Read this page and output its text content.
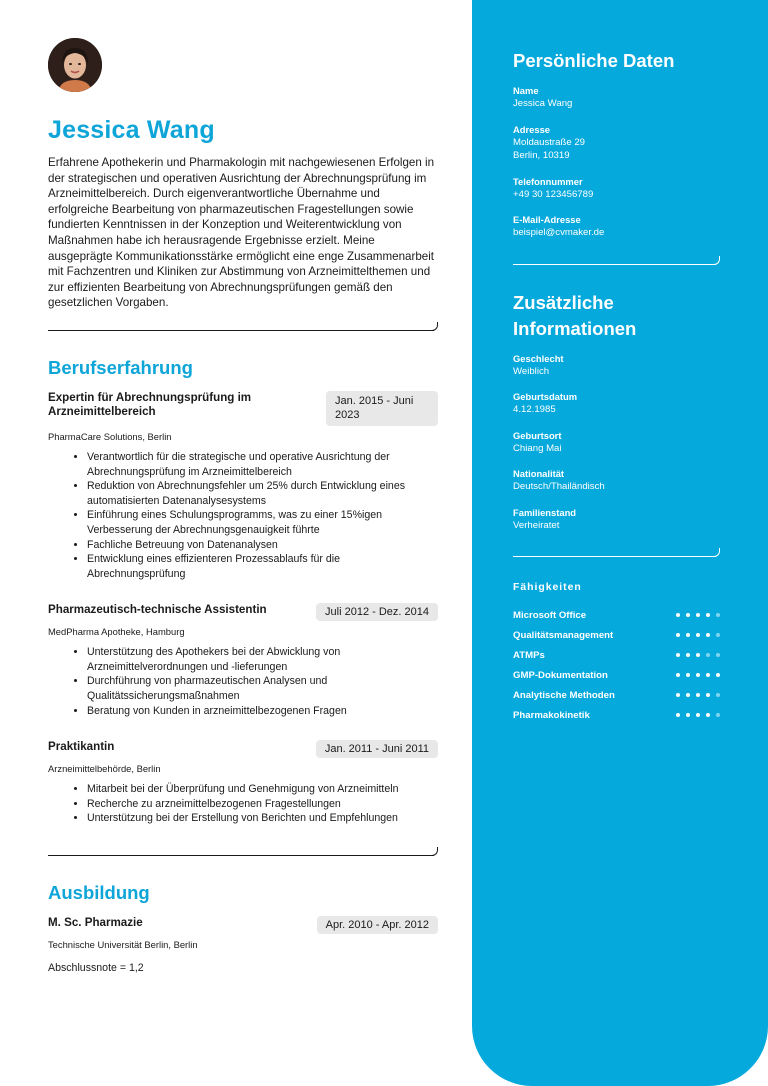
Jessica Wang

Erfahrene Apothekerin und Pharmakologin mit nachgewiesenen Erfolgen in der strategischen und operativen Ausrichtung der Abrechnungsprüfung im Arzneimittelbereich. Durch eigenverantwortliche Übernahme und erfolgreiche Bearbeitung von pharmazeutischen Fragestellungen sowie fundierten Kenntnissen in der Konzeption und Weiterentwicklung von Maßnahmen habe ich herausragende Ergebnisse erzielt. Meine ausgeprägte Kommunikationsstärke ermöglicht eine enge Zusammenarbeit mit Fachzentren und Kliniken zur Abstimmung von Arzneimittelthemen und zur effizienten Bearbeitung von Abrechnungsprüfungen gemäß den gesetzlichen Vorgaben.

Berufserfahrung
Expertin für Abrechnungsprüfung im Arzneimittelbereich
Jan. 2015 - Juni 2023
PharmaCare Solutions, Berlin
• Verantwortlich für die strategische und operative Ausrichtung der Abrechnungsprüfung im Arzneimittelbereich
• Reduktion von Abrechnungsfehler um 25% durch Entwicklung eines automatisierten Datenanalysesystems
• Einführung eines Schulungsprogramms, was zu einer 15%igen Verbesserung der Abrechnungsgenauigkeit führte
• Fachliche Betreuung von Datenanalysen
• Entwicklung eines effizienteren Prozessablaufs für die Abrechnungsprüfung
Pharmazeutisch-technische Assistentin	Juli 2012 - Dez. 2014
MedPharma Apotheke, Hamburg
• Unterstützung des Apothekers bei der Abwicklung von Arzneimittelverordnungen und -lieferungen
• Durchführung von pharmazeutischen Analysen und Qualitätssicherungsmaßnahmen
• Beratung von Kunden in arzneimittelbezogenen Fragen
Praktikantin	Jan. 2011 - Juni 2011
Arzneimittelbehörde, Berlin
• Mitarbeit bei der Überprüfung und Genehmigung von Arzneimitteln
• Recherche zu arzneimittelbezogenen Fragestellungen
• Unterstützung bei der Erstellung von Berichten und Empfehlungen
Ausbildung
M. Sc. Pharmazie	Apr. 2010 - Apr. 2012
Technische Universität Berlin, Berlin
Abschlussnote = 1,2
Persönliche Daten
Name
Jessica Wang
Adresse
Moldaustraße 29
Berlin, 10319
Telefonnummer
+49 30 123456789
E-Mail-Adresse
beispiel@cvmaker.de
Zusätzliche
Informationen
Geschlecht
Weiblich
Geburtsdatum
4.12.1985
Geburtsort
Chiang Mai
Nationalität
Deutsch/Thailändisch
Familienstand
Verheiratet
Fähigkeiten
Microsoft Office
Qualitätsmanagement
ATMPs
GMP-Dokumentation
Analytische Methoden
Pharmakokinetik
